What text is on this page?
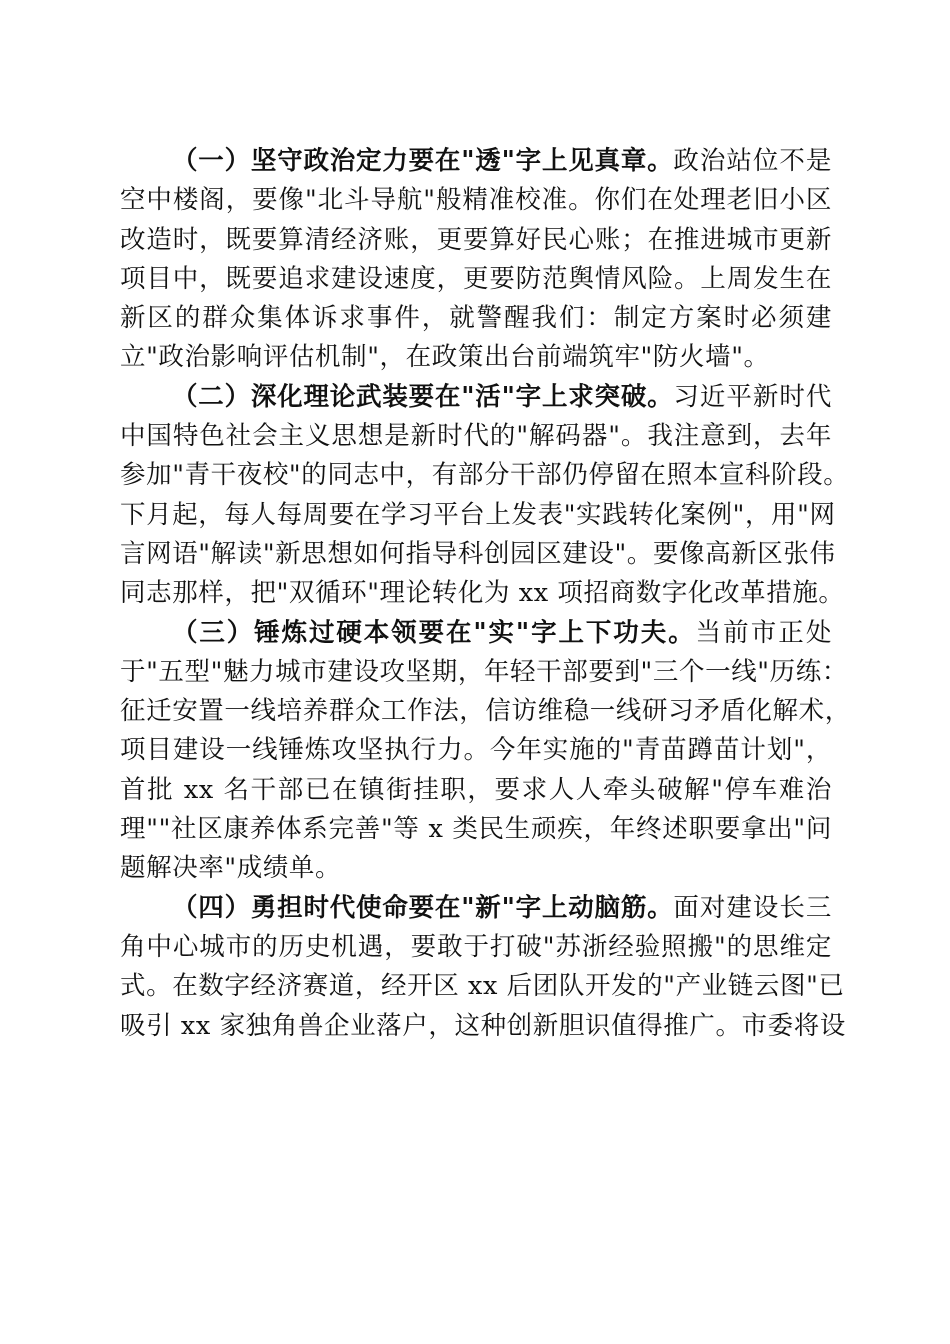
（一）坚守政治定力要在"透"字上见真章。政治站位不是
空中楼阁，要像"北斗导航"般精准校准。你们在处理老旧小区
改造时，既要算清经济账，更要算好民心账；在推进城市更新
项目中，既要追求建设速度，更要防范舆情风险。上周发生在
新区的群众集体诉求事件，就警醒我们：制定方案时必须建
立"政治影响评估机制"，在政策出台前端筑牢"防火墙"。
（二）深化理论武装要在"活"字上求突破。习近平新时代
中国特色社会主义思想是新时代的"解码器"。我注意到，去年
参加"青干夜校"的同志中，有部分干部仍停留在照本宣科阶段。
下月起，每人每周要在学习平台上发表"实践转化案例"，用"网
言网语"解读"新思想如何指导科创园区建设"。要像高新区张伟
同志那样，把"双循环"理论转化为 xx 项招商数字化改革措施。
（三）锤炼过硬本领要在"实"字上下功夫。当前市正处
于"五型"魅力城市建设攻坚期，年轻干部要到"三个一线"历练：
征迁安置一线培养群众工作法，信访维稳一线研习矛盾化解术，
项目建设一线锤炼攻坚执行力。今年实施的"青苗蹲苗计划"，
首批 xx 名干部已在镇街挂职，要求人人牵头破解"停车难治
理""社区康养体系完善"等 x 类民生顽疾，年终述职要拿出"问
题解决率"成绩单。
（四）勇担时代使命要在"新"字上动脑筋。面对建设长三
角中心城市的历史机遇，要敢于打破"苏浙经验照搬"的思维定
式。在数字经济赛道，经开区 xx 后团队开发的"产业链云图"已
吸引 xx 家独角兽企业落户，这种创新胆识值得推广。市委将设
